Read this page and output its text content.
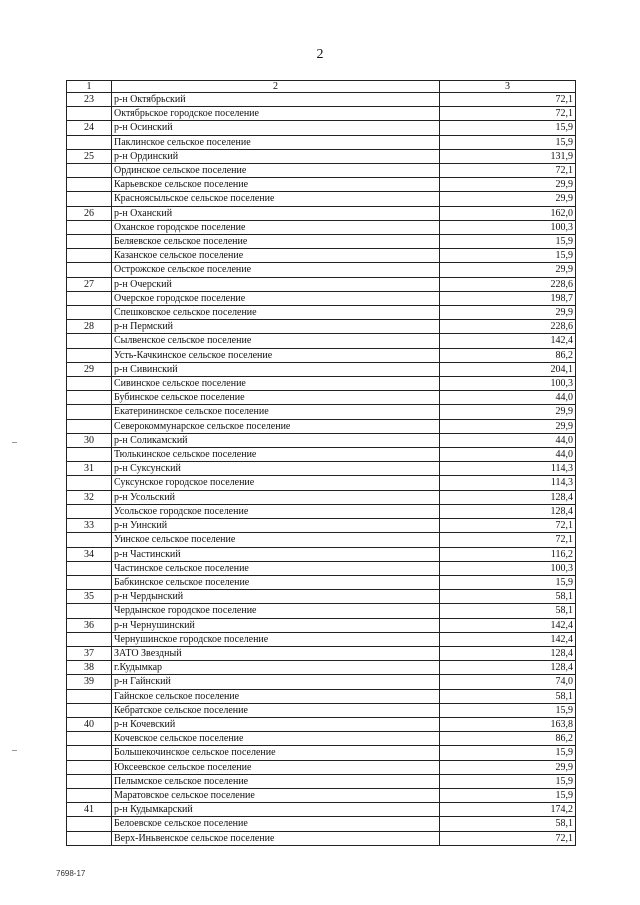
2
1	2	3
23	р-н Октябрьский	72,1
	Октябрьское городское поселение	72,1
24	р-н Осинский	15,9
	Паклинское сельское поселение	15,9
25	р-н Ординский	131,9
	Ординское сельское поселение	72,1
	Карьевское сельское поселение	29,9
	Красноясыльское сельское поселение	29,9
26	р-н Оханский	162,0
	Оханское городское поселение	100,3
	Беляевское сельское поселение	15,9
	Казанское сельское поселение	15,9
	Острожское сельское поселение	29,9
27	р-н Очерский	228,6
	Очерское городское поселение	198,7
	Спешковское сельское поселение	29,9
28	р-н Пермский	228,6
	Сылвенское сельское поселение	142,4
	Усть-Качкинское сельское поселение	86,2
29	р-н Сивинский	204,1
	Сивинское сельское поселение	100,3
	Бубинское сельское поселение	44,0
	Екатерининское сельское поселение	29,9
	Северокоммунарское сельское поселение	29,9
30	р-н Соликамский	44,0
	Тюлькинское сельское поселение	44,0
31	р-н Суксунский	114,3
	Суксунское городское поселение	114,3
32	р-н Усольский	128,4
	Усольское городское поселение	128,4
33	р-н Уинский	72,1
	Уинское сельское поселение	72,1
34	р-н Частинский	116,2
	Частинское сельское поселение	100,3
	Бабкинское сельское поселение	15,9
35	р-н Чердынский	58,1
	Чердынское городское поселение	58,1
36	р-н Чернушинский	142,4
	Чернушинское городское поселение	142,4
37	ЗАТО Звездный	128,4
38	г.Кудымкар	128,4
39	р-н Гайнский	74,0
	Гайнское сельское поселение	58,1
	Кебратское сельское поселение	15,9
40	р-н Кочевский	163,8
	Кочевское сельское поселение	86,2
	Большекочинское сельское поселение	15,9
	Юксеевское сельское поселение	29,9
	Пелымское сельское поселение	15,9
	Маратовское сельское поселение	15,9
41	р-н Кудымкарский	174,2
	Белоевское сельское поселение	58,1
	Верх-Иньвенское сельское поселение	72,1
7698-17
